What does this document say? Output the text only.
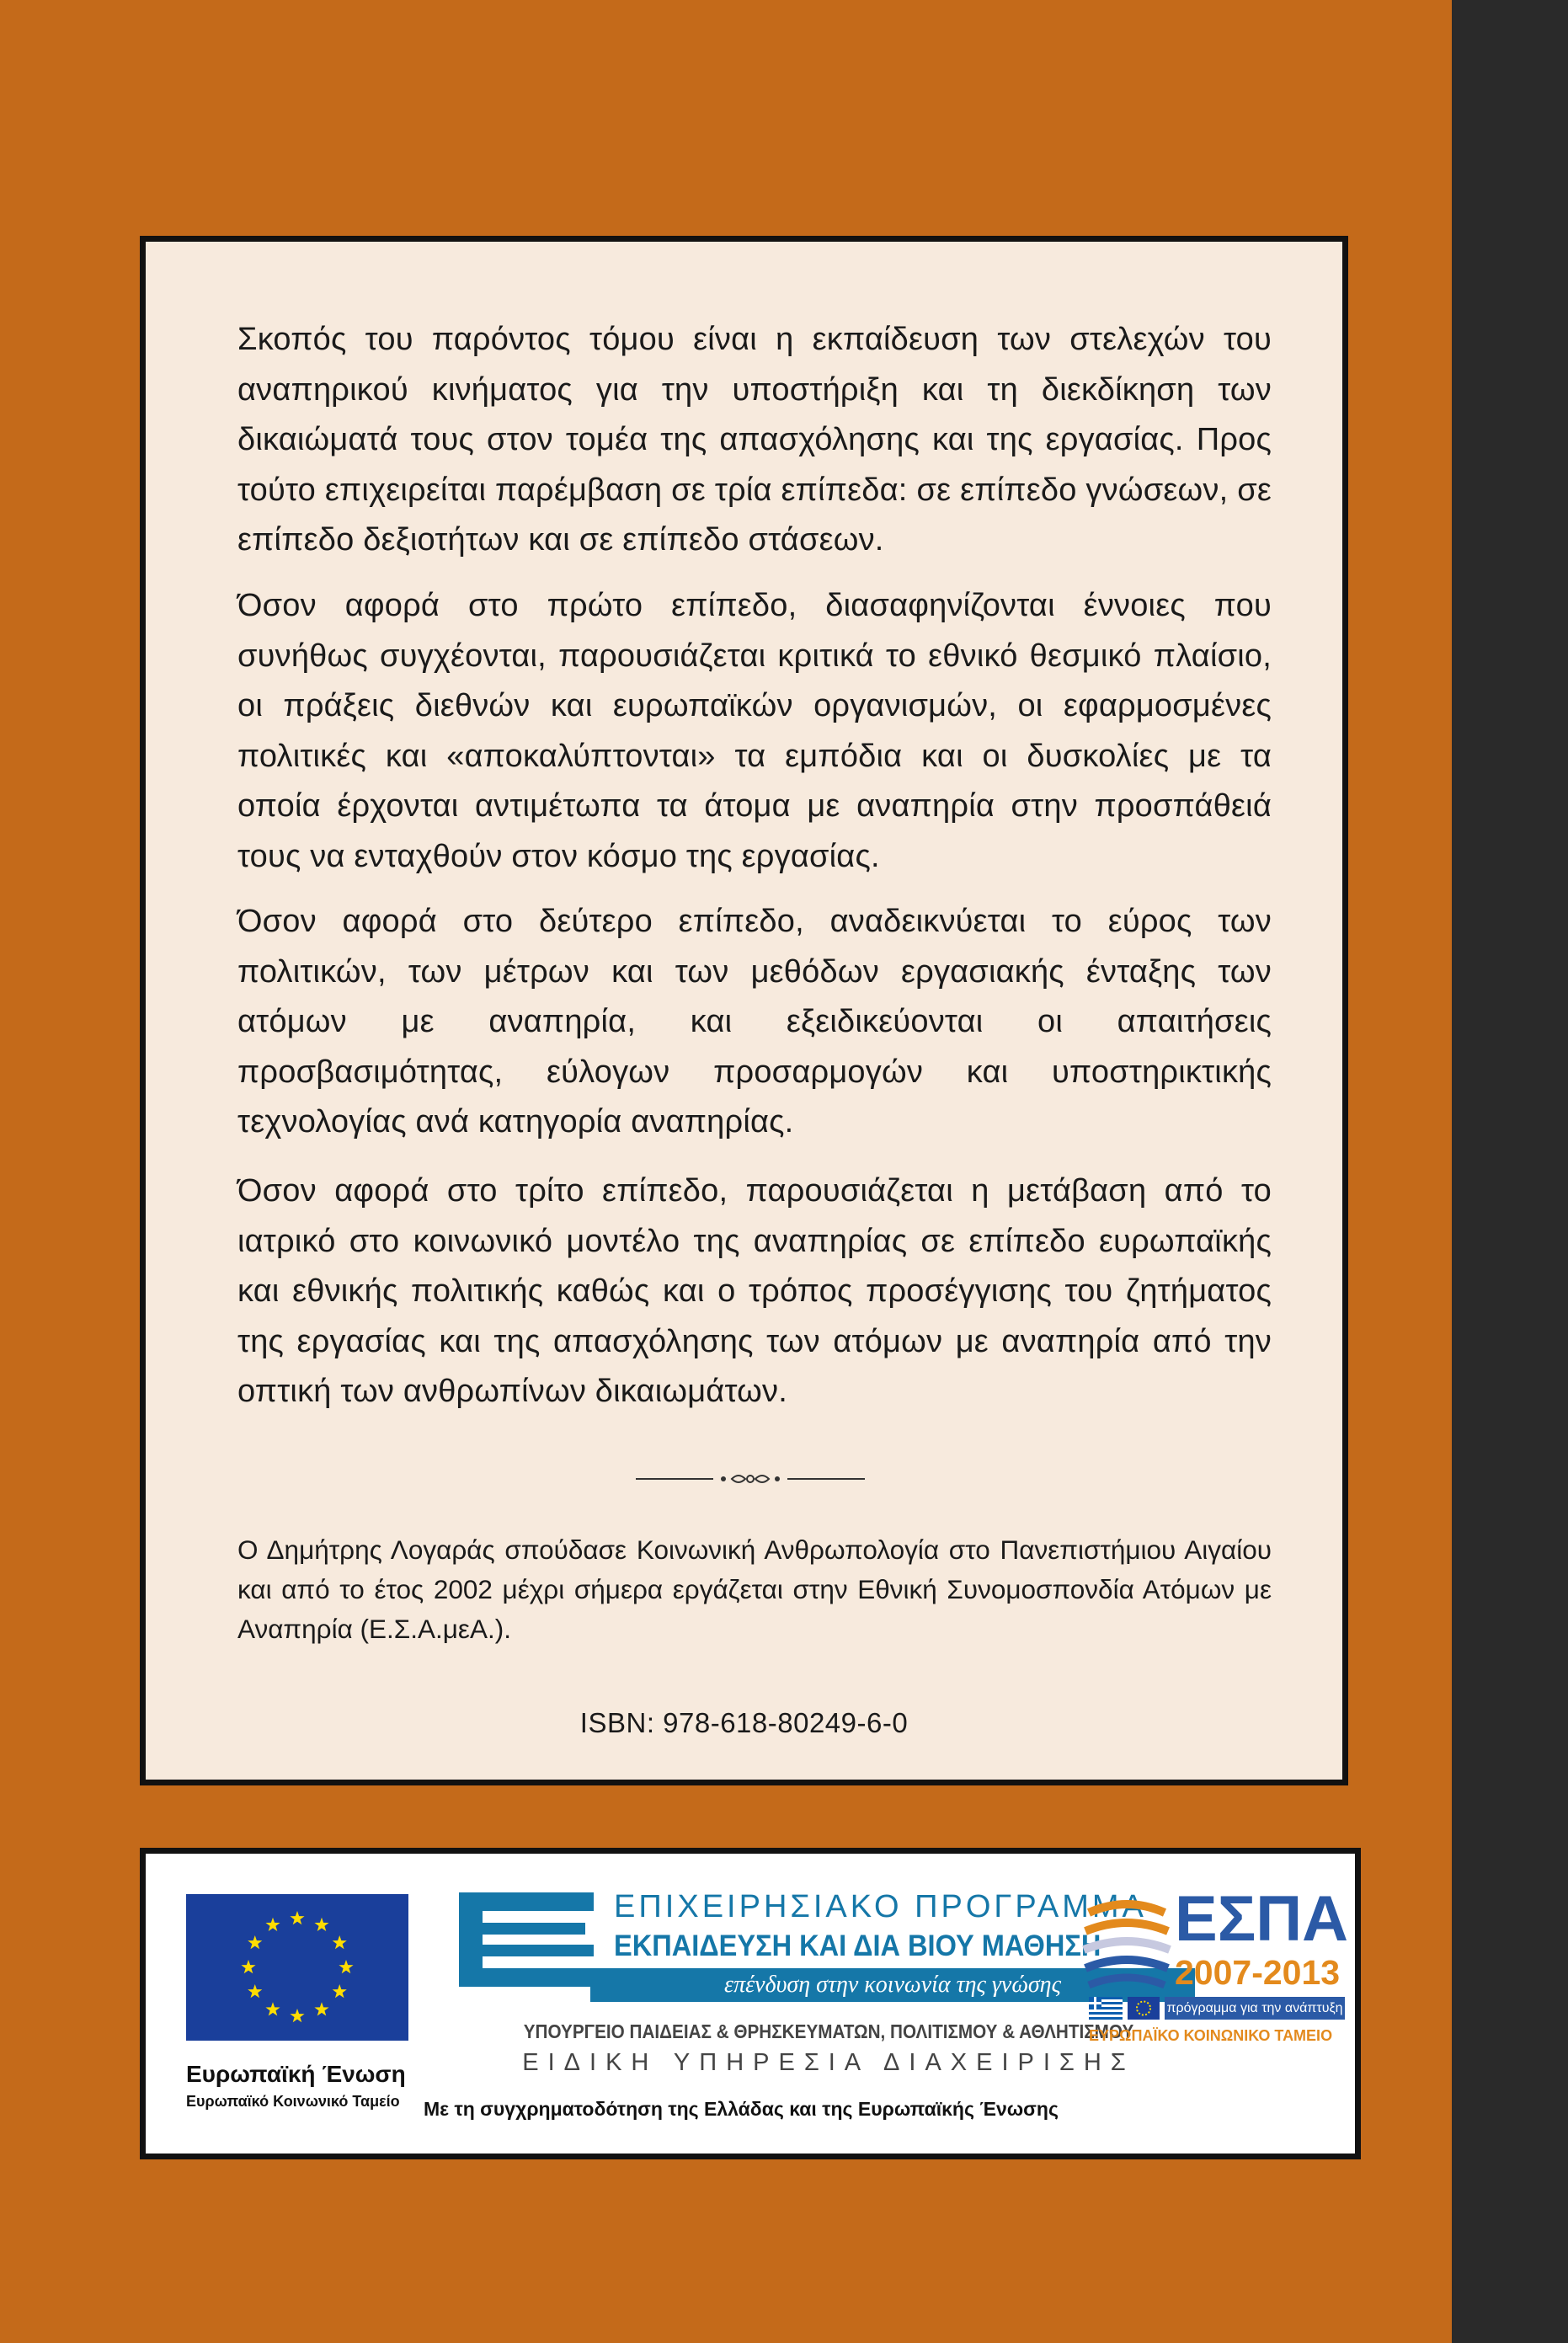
Σκοπός του παρόντος τόμου είναι η εκπαίδευση των στελεχών του αναπηρικού κινήματος για την υποστήριξη και τη διεκδίκηση των δικαιώματά τους στον τομέα της απασχόλησης και της εργασίας. Προς τούτο επιχειρείται παρέμβαση σε τρία επίπεδα: σε επίπεδο γνώσεων, σε επίπεδο δεξιοτήτων και σε επίπεδο στάσεων.

Όσον αφορά στο πρώτο επίπεδο, διασαφηνίζονται έννοιες που συνήθως συγχέονται, παρουσιάζεται κριτικά το εθνικό θεσμικό πλαίσιο, οι πράξεις διεθνών και ευρωπαϊκών οργανισμών, οι εφαρμοσμένες πολιτικές και «αποκαλύπτονται» τα εμπόδια και οι δυσκολίες με τα οποία έρχονται αντιμέτωπα τα άτομα με αναπηρία στην προσπάθειά τους να ενταχθούν στον κόσμο της εργασίας.

Όσον αφορά στο δεύτερο επίπεδο, αναδεικνύεται το εύρος των πολιτικών, των μέτρων και των μεθόδων εργασιακής ένταξης των ατόμων με αναπηρία, και εξειδικεύονται οι απαιτήσεις προσβασιμότητας, εύλογων προσαρμογών και υποστηρικτικής τεχνολογίας ανά κατηγορία αναπηρίας.

Όσον αφορά στο τρίτο επίπεδο, παρουσιάζεται η μετάβαση από το ιατρικό στο κοινωνικό μοντέλο της αναπηρίας σε επίπεδο ευρωπαϊκής και εθνικής πολιτικής καθώς και ο τρόπος προσέγγισης του ζητήματος της εργασίας και της απασχόλησης των ατόμων με αναπηρία από την οπτική των ανθρωπίνων δικαιωμάτων.

Ο Δημήτρης Λογαράς σπούδασε Κοινωνική Ανθρωπολογία στο Πανεπιστήμιου Αιγαίου και από το έτος 2002 μέχρι σήμερα εργάζεται στην Εθνική Συνομοσπονδία Ατόμων με Αναπηρία (Ε.Σ.Α.μεΑ.).

ISBN: 978-618-80249-6-0
Ευρωπαϊκή Ένωση
Ευρωπαϊκό Κοινωνικό Ταμείο
ΕΠΙΧΕΙΡΗΣΙΑΚΟ ΠΡΟΓΡΑΜΜΑ
ΕΚΠΑΙΔΕΥΣΗ ΚΑΙ ΔΙΑ ΒΙΟΥ ΜΑΘΗΣΗ
επένδυση στην κοινωνία της γνώσης
ΥΠΟΥΡΓΕΙΟ ΠΑΙΔΕΙΑΣ & ΘΡΗΣΚΕΥΜΑΤΩΝ, ΠΟΛΙΤΙΣΜΟΥ & ΑΘΛΗΤΙΣΜΟΥ
ΕΙΔΙΚΗ ΥΠΗΡΕΣΙΑ ΔΙΑΧΕΙΡΙΣΗΣ
ΕΣΠΑ
2007-2013
πρόγραμμα για την ανάπτυξη
ΕΥΡΩΠΑΪΚΟ ΚΟΙΝΩΝΙΚΟ ΤΑΜΕΙΟ
Με τη συγχρηματοδότηση της Ελλάδας και της Ευρωπαϊκής Ένωσης
